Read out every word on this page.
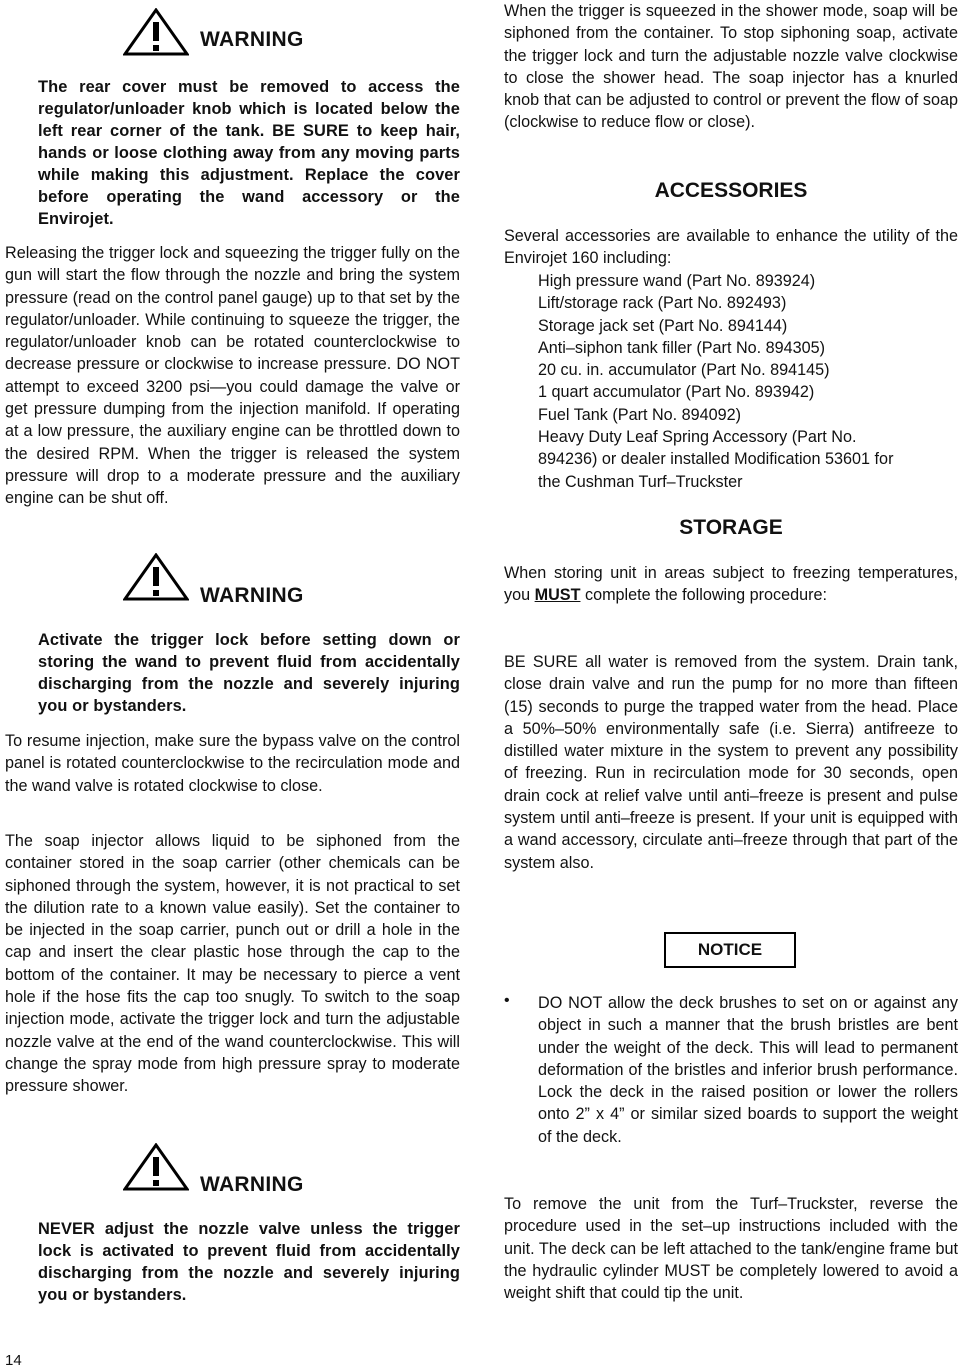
WARNING

The rear cover must be removed to access the regulator/unloader knob which is located below the left rear corner of the tank. BE SURE to keep hair, hands or loose clothing away from any moving parts while making this adjustment. Replace the cover before operating the wand accessory or the Envirojet.

Releasing the trigger lock and squeezing the trigger fully on the gun will start the flow through the nozzle and bring the system pressure (read on the control panel gauge) up to that set by the regulator/unloader. While continuing to squeeze the trigger, the regulator/unloader knob can be rotated counterclockwise to decrease pressure or clockwise to increase pressure. DO NOT attempt to exceed 3200 psi—you could damage the valve or get pressure dumping from the injection manifold. If operating at a low pressure, the auxiliary engine can be throttled down to the desired RPM. When the trigger is released the system pressure will drop to a moderate pressure and the auxiliary engine can be shut off.

WARNING

Activate the trigger lock before setting down or storing the wand to prevent fluid from accidentally discharging from the nozzle and severely injuring you or bystanders.

To resume injection, make sure the bypass valve on the control panel is rotated counterclockwise to the recirculation mode and the wand valve is rotated clockwise to close.

The soap injector allows liquid to be siphoned from the container stored in the soap carrier (other chemicals can be siphoned through the system, however, it is not practical to set the dilution rate to a known value easily). Set the container to be injected in the soap carrier, punch out or drill a hole in the cap and insert the clear plastic hose through the cap to the bottom of the container. It may be necessary to pierce a vent hole if the hose fits the cap too snugly. To switch to the soap injection mode, activate the trigger lock and turn the adjustable nozzle valve at the end of the wand counterclockwise. This will change the spray mode from high pressure spray to moderate pressure shower.

WARNING

NEVER adjust the nozzle valve unless the trigger lock is activated to prevent fluid from accidentally discharging from the nozzle and severely injuring you or bystanders.

When the trigger is squeezed in the shower mode, soap will be siphoned from the container. To stop siphoning soap, activate the trigger lock and turn the adjustable nozzle valve clockwise to close the shower head. The soap injector has a knurled knob that can be adjusted to control or prevent the flow of soap (clockwise to reduce flow or close).

ACCESSORIES

Several accessories are available to enhance the utility of the Envirojet 160 including:

High pressure wand (Part No. 893924)

Lift/storage rack (Part No. 892493)

Storage jack set (Part No. 894144)

Anti–siphon tank filler (Part No. 894305)

20 cu. in. accumulator (Part No. 894145)

1 quart accumulator (Part No. 893942)

Fuel Tank (Part No. 894092)

Heavy Duty Leaf Spring Accessory (Part No. 894236) or dealer installed Modification 53601 for the Cushman Turf–Truckster

STORAGE

When storing unit in areas subject to freezing temperatures, you MUST complete the following procedure:

BE SURE all water is removed from the system. Drain tank, close drain valve and run the pump for no more than fifteen (15) seconds to purge the trapped water from the head. Place a 50%–50% environmentally safe (i.e. Sierra) antifreeze to distilled water mixture in the system to prevent any possibility of freezing. Run in recirculation mode for 30 seconds, open drain cock at relief valve until anti–freeze is present and pulse system until anti–freeze is present. If your unit is equipped with a wand accessory, circulate anti–freeze through that part of the system also.

NOTICE
• DO NOT allow the deck brushes to set on or against any object in such a manner that the brush bristles are bent under the weight of the deck. This will lead to permanent deformation of the bristles and inferior brush performance. Lock the deck in the raised position or lower the rollers onto 2” x 4” or similar sized boards to support the weight of the deck.

To remove the unit from the Turf–Truckster, reverse the procedure used in the set–up instructions included with the unit. The deck can be left attached to the tank/engine frame but the hydraulic cylinder MUST be completely lowered to avoid a weight shift that could tip the unit.

14
